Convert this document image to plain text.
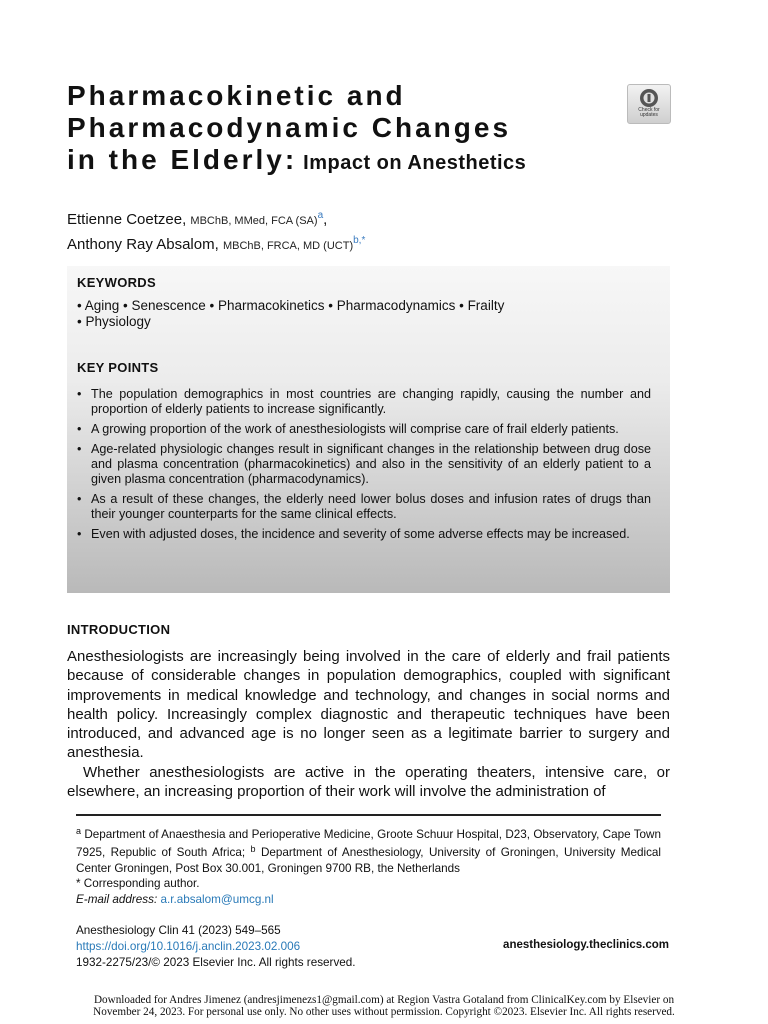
Pharmacokinetic and
Pharmacodynamic Changes
in the Elderly: Impact on Anesthetics
Check for
updates
Ettienne Coetzee, MBChB, MMed, FCA (SA)$^a$,
Anthony Ray Absalom, MBChB, FRCA, MD (UCT)$^{b,*}$
KEYWORDS
• Aging • Senescence • Pharmacokinetics • Pharmacodynamics • Frailty
• Physiology
KEY POINTS
• The population demographics in most countries are changing rapidly, causing the number and proportion of elderly patients to increase significantly.
• A growing proportion of the work of anesthesiologists will comprise care of frail elderly patients.
• Age-related physiologic changes result in significant changes in the relationship between drug dose and plasma concentration (pharmacokinetics) and also in the sensitivity of an elderly patient to a given plasma concentration (pharmacodynamics).
• As a result of these changes, the elderly need lower bolus doses and infusion rates of drugs than their younger counterparts for the same clinical effects.
• Even with adjusted doses, the incidence and severity of some adverse effects may be increased.
INTRODUCTION

Anesthesiologists are increasingly being involved in the care of elderly and frail patients because of considerable changes in population demographics, coupled with significant improvements in medical knowledge and technology, and changes in social norms and health policy. Increasingly complex diagnostic and therapeutic techniques have been introduced, and advanced age is no longer seen as a legitimate barrier to surgery and anesthesia.

Whether anesthesiologists are active in the operating theaters, intensive care, or elsewhere, an increasing proportion of their work will involve the administration of

$^a$ Department of Anaesthesia and Perioperative Medicine, Groote Schuur Hospital, D23, Observatory, Cape Town 7925, Republic of South Africa; $^b$ Department of Anesthesiology, University of Groningen, University Medical Center Groningen, Post Box 30.001, Groningen 9700 RB, the Netherlands
* Corresponding author.
E-mail address: a.r.absalom@umcg.nl
Anesthesiology Clin 41 (2023) 549–565
https://doi.org/10.1016/j.anclin.2023.02.006
1932-2275/23/© 2023 Elsevier Inc. All rights reserved.
anesthesiology.theclinics.com
Downloaded for Andres Jimenez (andresjimenezs1@gmail.com) at Region Vastra Gotaland from ClinicalKey.com by Elsevier on
November 24, 2023. For personal use only. No other uses without permission. Copyright ©2023. Elsevier Inc. All rights reserved.
